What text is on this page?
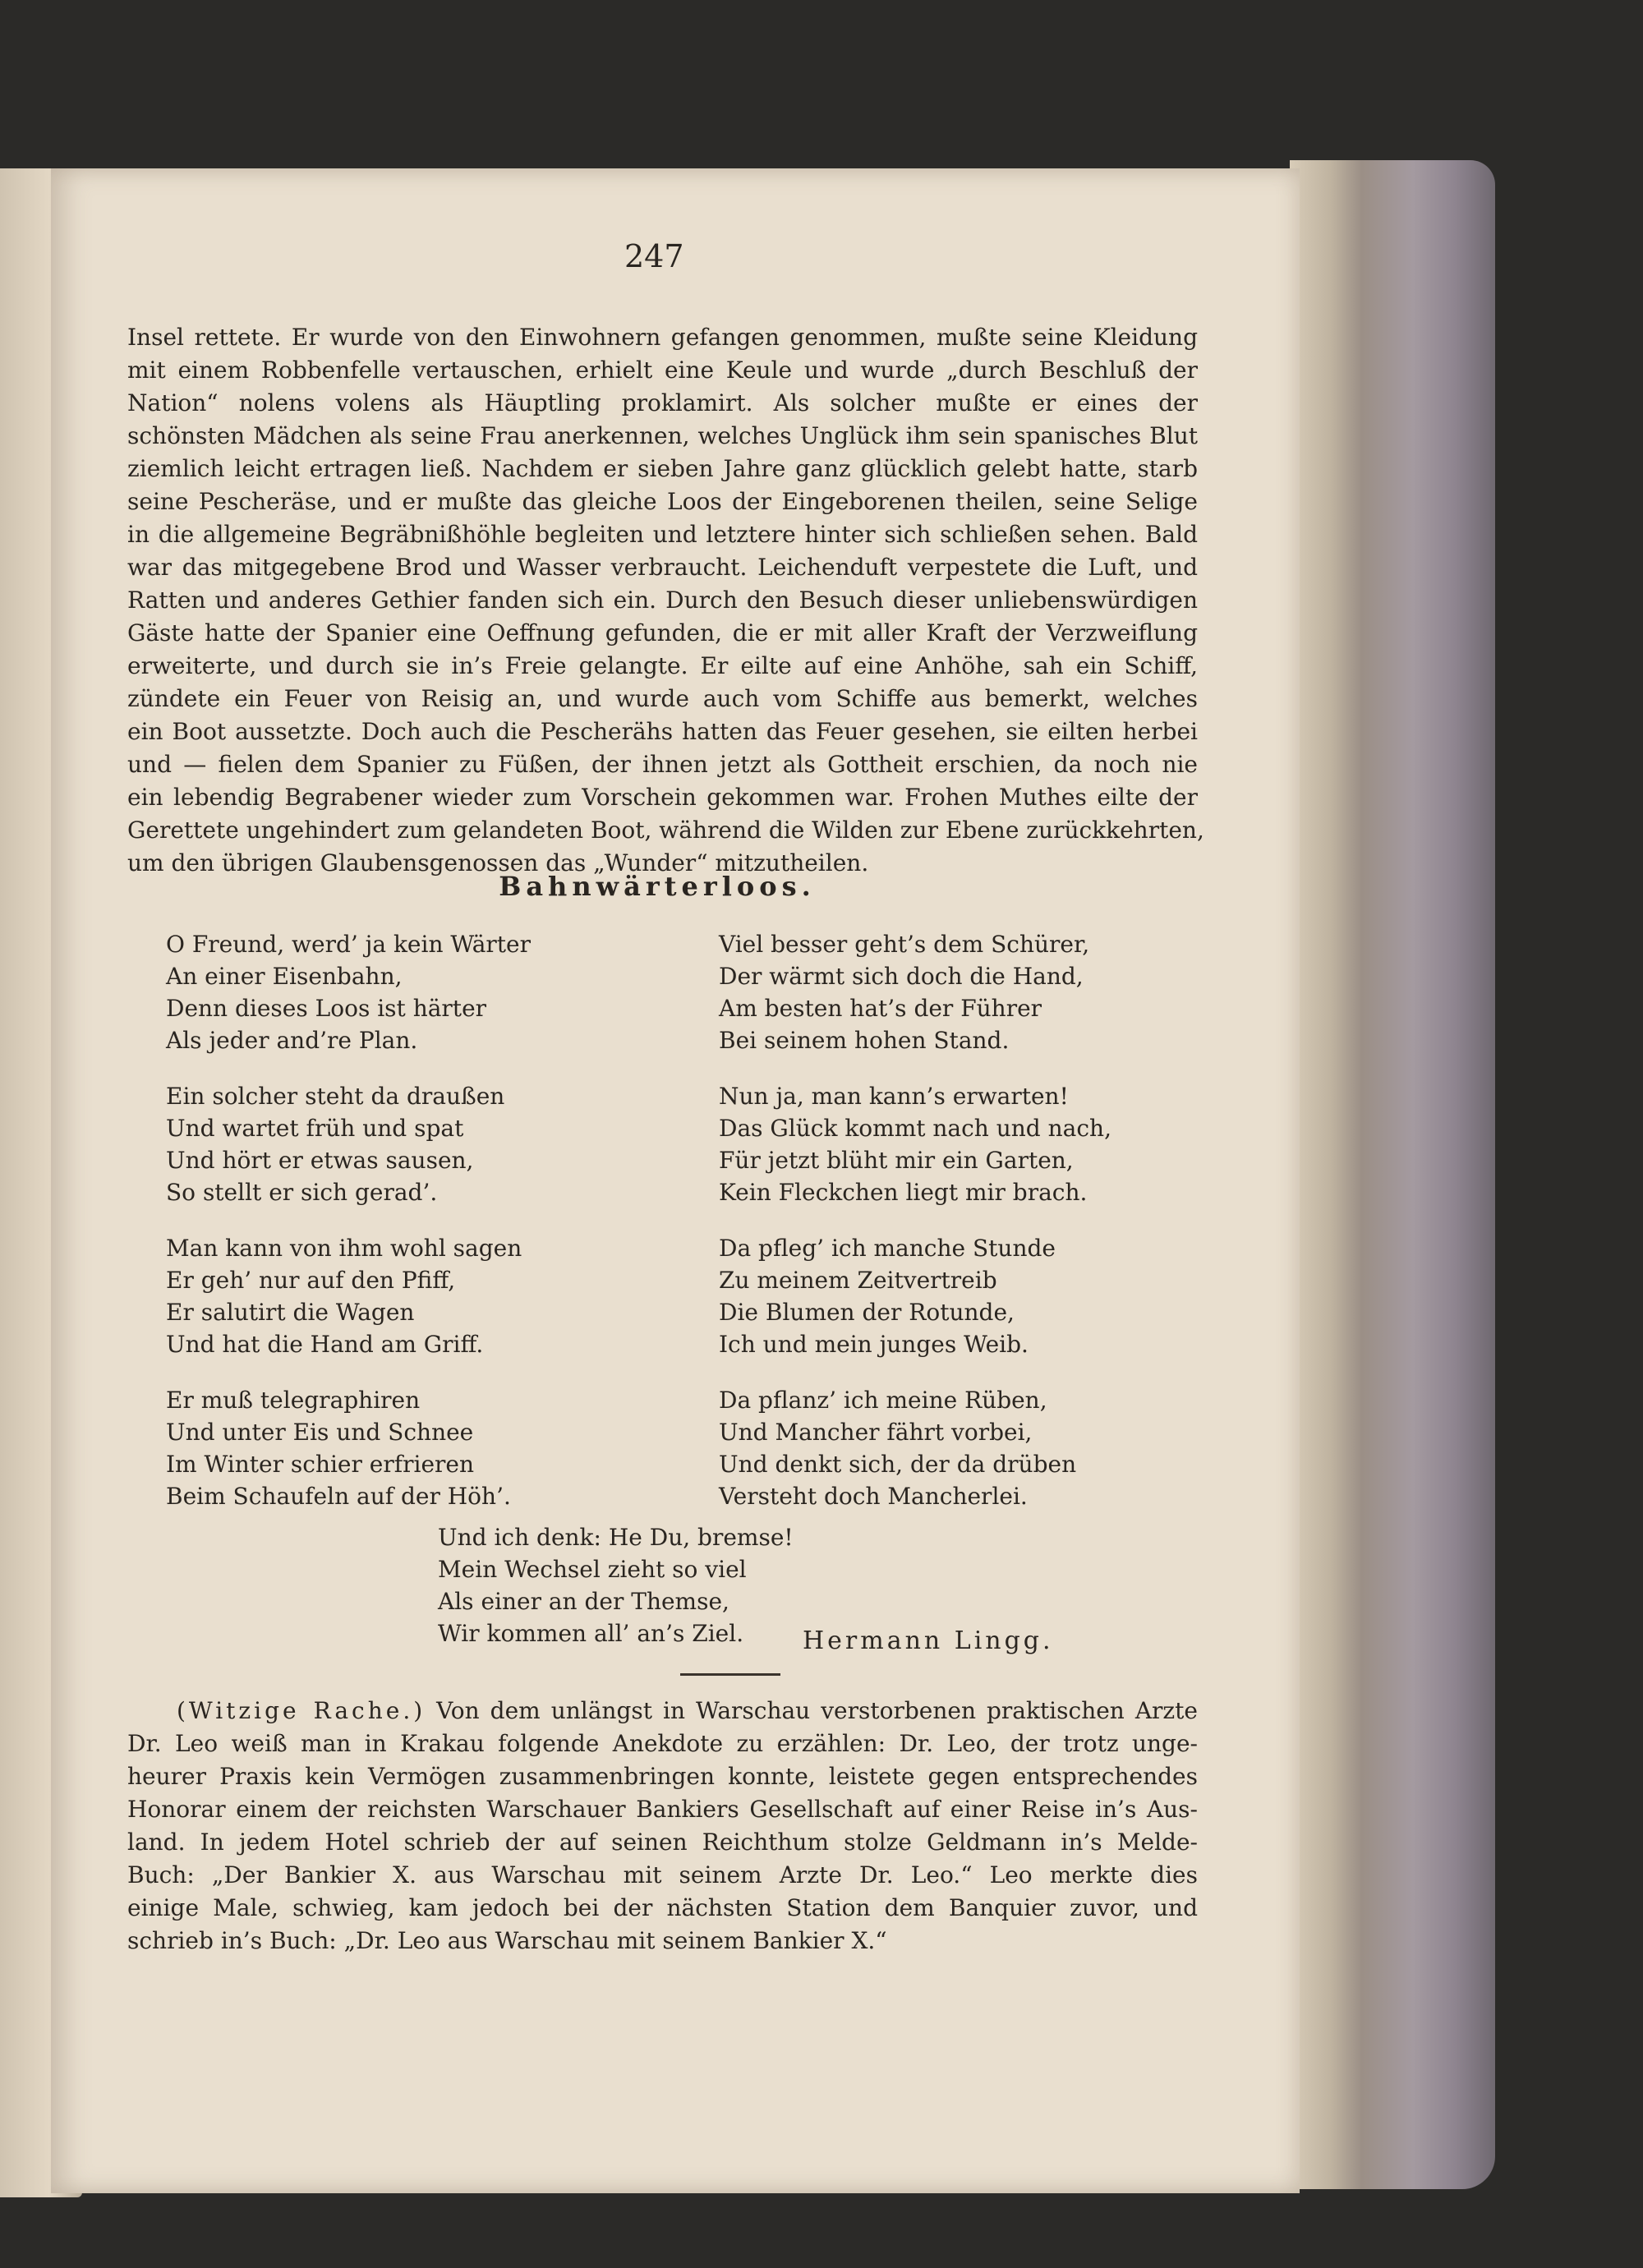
247
Insel rettete. Er wurde von den Einwohnern gefangen genommen, mußte seine Kleidung
mit einem Robbenfelle vertauschen, erhielt eine Keule und wurde „durch Beschluß der
Nation“ nolens volens als Häuptling proklamirt. Als solcher mußte er eines der
schönsten Mädchen als seine Frau anerkennen, welches Unglück ihm sein spanisches Blut
ziemlich leicht ertragen ließ. Nachdem er sieben Jahre ganz glücklich gelebt hatte, starb
seine Pescheräse, und er mußte das gleiche Loos der Eingeborenen theilen, seine Selige
in die allgemeine Begräbnißhöhle begleiten und letztere hinter sich schließen sehen. Bald
war das mitgegebene Brod und Wasser verbraucht. Leichenduft verpestete die Luft, und
Ratten und anderes Gethier fanden sich ein. Durch den Besuch dieser unliebenswürdigen
Gäste hatte der Spanier eine Oeffnung gefunden, die er mit aller Kraft der Verzweiflung
erweiterte, und durch sie in’s Freie gelangte. Er eilte auf eine Anhöhe, sah ein Schiff,
zündete ein Feuer von Reisig an, und wurde auch vom Schiffe aus bemerkt, welches
ein Boot aussetzte. Doch auch die Pescherähs hatten das Feuer gesehen, sie eilten herbei
und — fielen dem Spanier zu Füßen, der ihnen jetzt als Gottheit erschien, da noch nie
ein lebendig Begrabener wieder zum Vorschein gekommen war. Frohen Muthes eilte der
Gerettete ungehindert zum gelandeten Boot, während die Wilden zur Ebene zurückkehrten,
um den übrigen Glaubensgenossen das „Wunder“ mitzutheilen.
Bahnwärterloos.
O Freund, werd’ ja kein Wärter
An einer Eisenbahn,
Denn dieses Loos ist härter
Als jeder and’re Plan.
Viel besser geht’s dem Schürer,
Der wärmt sich doch die Hand,
Am besten hat’s der Führer
Bei seinem hohen Stand.
Ein solcher steht da draußen
Und wartet früh und spat
Und hört er etwas sausen,
So stellt er sich gerad’.
Nun ja, man kann’s erwarten!
Das Glück kommt nach und nach,
Für jetzt blüht mir ein Garten,
Kein Fleckchen liegt mir brach.
Man kann von ihm wohl sagen
Er geh’ nur auf den Pfiff,
Er salutirt die Wagen
Und hat die Hand am Griff.
Da pfleg’ ich manche Stunde
Zu meinem Zeitvertreib
Die Blumen der Rotunde,
Ich und mein junges Weib.
Er muß telegraphiren
Und unter Eis und Schnee
Im Winter schier erfrieren
Beim Schaufeln auf der Höh’.
Da pflanz’ ich meine Rüben,
Und Mancher fährt vorbei,
Und denkt sich, der da drüben
Versteht doch Mancherlei.
Und ich denk: He Du, bremse!
Mein Wechsel zieht so viel
Als einer an der Themse,
Wir kommen all’ an’s Ziel. Hermann Lingg.
(Witzige Rache.) Von dem unlängst in Warschau verstorbenen praktischen Arzte
Dr. Leo weiß man in Krakau folgende Anekdote zu erzählen: Dr. Leo, der trotz unge-
heurer Praxis kein Vermögen zusammenbringen konnte, leistete gegen entsprechendes
Honorar einem der reichsten Warschauer Bankiers Gesellschaft auf einer Reise in’s Aus-
land. In jedem Hotel schrieb der auf seinen Reichthum stolze Geldmann in’s Melde-
Buch: „Der Bankier X. aus Warschau mit seinem Arzte Dr. Leo.“ Leo merkte dies
einige Male, schwieg, kam jedoch bei der nächsten Station dem Banquier zuvor, und
schrieb in’s Buch: „Dr. Leo aus Warschau mit seinem Bankier X.“
